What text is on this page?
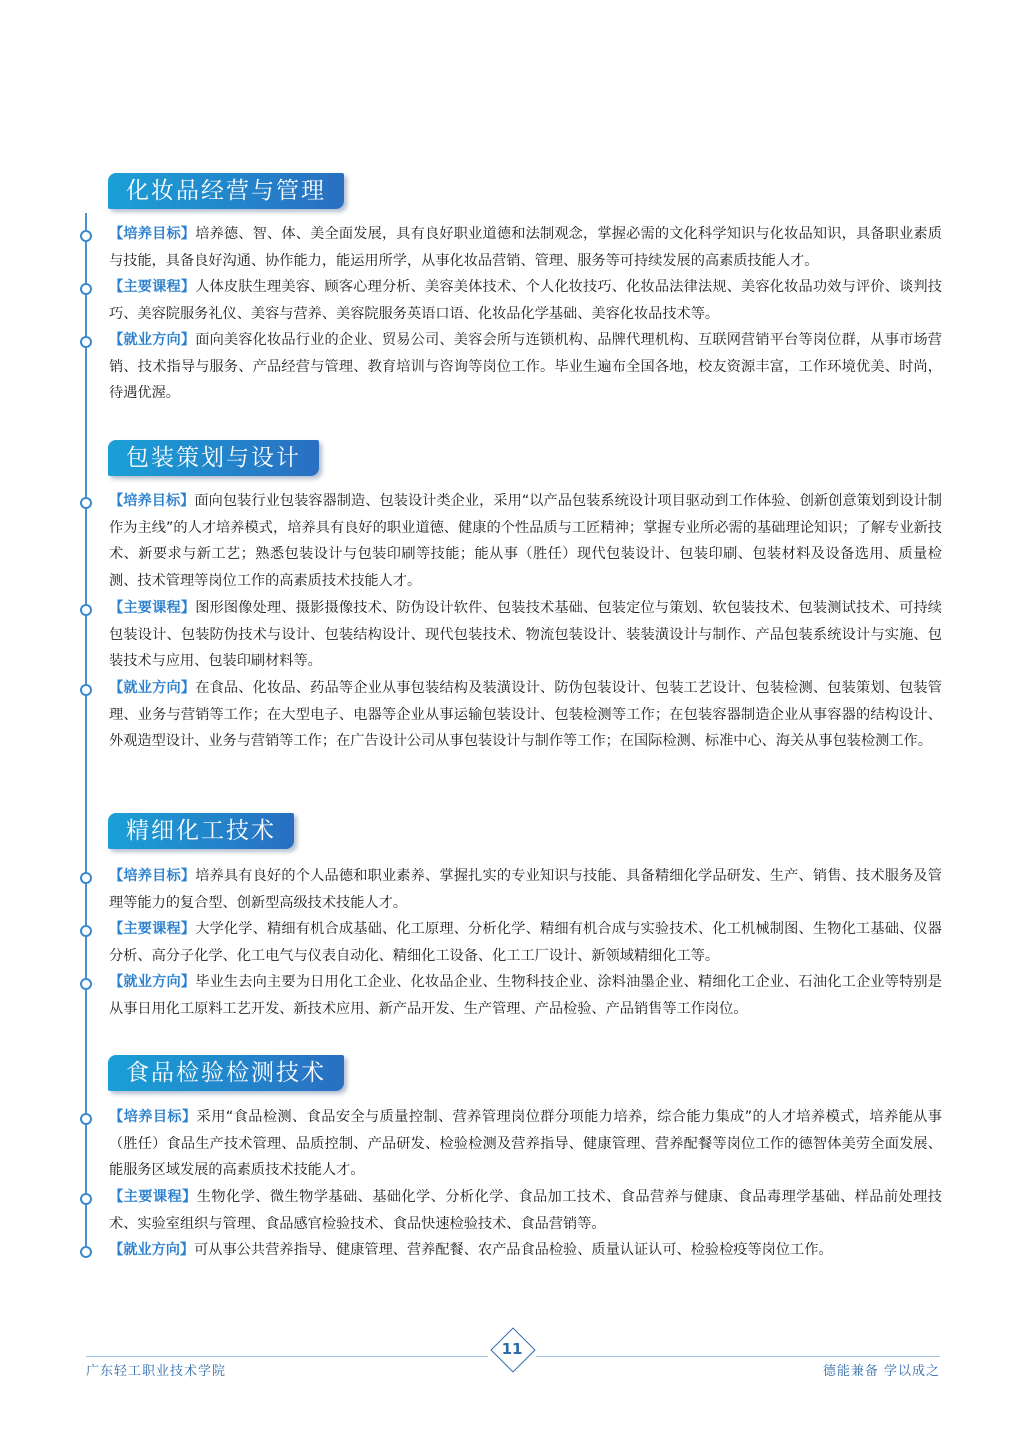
化妆品经营与管理
【培养目标】培养德、智、体、美全面发展，具有良好职业道德和法制观念，掌握必需的文化科学知识与化妆品知识，具备职业素质与技能，具备良好沟通、协作能力，能运用所学，从事化妆品营销、管理、服务等可持续发展的高素质技能人才。
【主要课程】人体皮肤生理美容、顾客心理分析、美容美体技术、个人化妆技巧、化妆品法律法规、美容化妆品功效与评价、谈判技巧、美容院服务礼仪、美容与营养、美容院服务英语口语、化妆品化学基础、美容化妆品技术等。
【就业方向】面向美容化妆品行业的企业、贸易公司、美容会所与连锁机构、品牌代理机构、互联网营销平台等岗位群，从事市场营销、技术指导与服务、产品经营与管理、教育培训与咨询等岗位工作。毕业生遍布全国各地，校友资源丰富，工作环境优美、时尚，待遇优渥。
包装策划与设计
【培养目标】面向包装行业包装容器制造、包装设计类企业，采用“以产品包装系统设计项目驱动到工作体验、创新创意策划到设计制作为主线”的人才培养模式，培养具有良好的职业道德、健康的个性品质与工匠精神；掌握专业所必需的基础理论知识；了解专业新技术、新要求与新工艺；熟悉包装设计与包装印刷等技能；能从事（胜任）现代包装设计、包装印刷、包装材料及设备选用、质量检测、技术管理等岗位工作的高素质技术技能人才。
【主要课程】图形图像处理、摄影摄像技术、防伪设计软件、包装技术基础、包装定位与策划、软包装技术、包装测试技术、可持续包装设计、包装防伪技术与设计、包装结构设计、现代包装技术、物流包装设计、装装潢设计与制作、产品包装系统设计与实施、包装技术与应用、包装印刷材料等。
【就业方向】在食品、化妆品、药品等企业从事包装结构及装潢设计、防伪包装设计、包装工艺设计、包装检测、包装策划、包装管理、业务与营销等工作；在大型电子、电器等企业从事运输包装设计、包装检测等工作；在包装容器制造企业从事容器的结构设计、外观造型设计、业务与营销等工作；在广告设计公司从事包装设计与制作等工作；在国际检测、标准中心、海关从事包装检测工作。
精细化工技术
【培养目标】培养具有良好的个人品德和职业素养、掌握扎实的专业知识与技能、具备精细化学品研发、生产、销售、技术服务及管理等能力的复合型、创新型高级技术技能人才。
【主要课程】大学化学、精细有机合成基础、化工原理、分析化学、精细有机合成与实验技术、化工机械制图、生物化工基础、仪器分析、高分子化学、化工电气与仪表自动化、精细化工设备、化工工厂设计、新领域精细化工等。
【就业方向】毕业生去向主要为日用化工企业、化妆品企业、生物科技企业、涂料油墨企业、精细化工企业、石油化工企业等特别是从事日用化工原料工艺开发、新技术应用、新产品开发、生产管理、产品检验、产品销售等工作岗位。
食品检验检测技术
【培养目标】采用“食品检测、食品安全与质量控制、营养管理岗位群分项能力培养，综合能力集成”的人才培养模式，培养能从事（胜任）食品生产技术管理、品质控制、产品研发、检验检测及营养指导、健康管理、营养配餐等岗位工作的德智体美劳全面发展、能服务区域发展的高素质技术技能人才。
【主要课程】生物化学、微生物学基础、基础化学、分析化学、食品加工技术、食品营养与健康、食品毒理学基础、样品前处理技术、实验室组织与管理、食品感官检验技术、食品快速检验技术、食品营销等。
【就业方向】可从事公共营养指导、健康管理、营养配餐、农产品食品检验、质量认证认可、检验检疫等岗位工作。
广东轻工职业技术学院
11
德能兼备 学以成之
